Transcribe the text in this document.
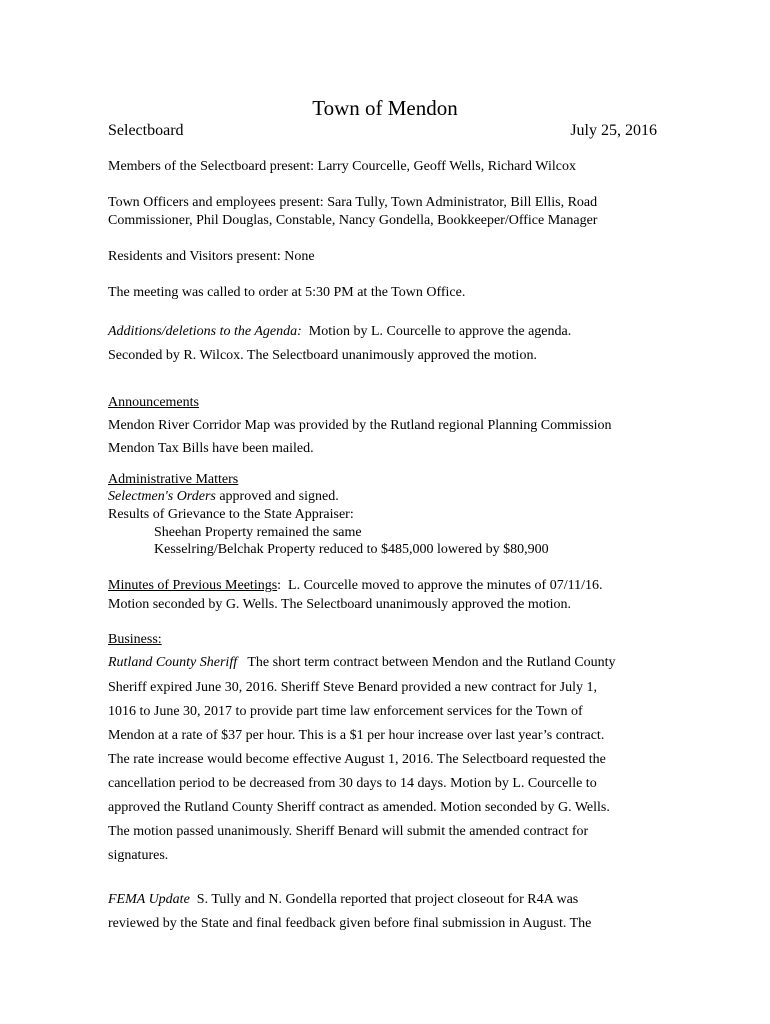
Town of Mendon
Selectboard	July 25, 2016
Members of the Selectboard present: Larry Courcelle, Geoff Wells, Richard Wilcox
Town Officers and employees present: Sara Tully, Town Administrator, Bill Ellis, Road
Commissioner, Phil Douglas, Constable, Nancy Gondella, Bookkeeper/Office Manager
Residents and Visitors present: None
The meeting was called to order at 5:30 PM at the Town Office.
Additions/deletions to the Agenda:  Motion by L. Courcelle to approve the agenda.
Seconded by R. Wilcox. The Selectboard unanimously approved the motion.
Announcements
Mendon River Corridor Map was provided by the Rutland regional Planning Commission
Mendon Tax Bills have been mailed.
Administrative Matters
Selectmen's Orders approved and signed.
Results of Grievance to the State Appraiser:
Sheehan Property remained the same
Kesselring/Belchak Property reduced to $485,000 lowered by $80,900
Minutes of Previous Meetings:  L. Courcelle moved to approve the minutes of 07/11/16.
Motion seconded by G. Wells. The Selectboard unanimously approved the motion.
Business:
Rutland County Sheriff   The short term contract between Mendon and the Rutland County
Sheriff expired June 30, 2016. Sheriff Steve Benard provided a new contract for July 1,
1016 to June 30, 2017 to provide part time law enforcement services for the Town of
Mendon at a rate of $37 per hour. This is a $1 per hour increase over last year’s contract.
The rate increase would become effective August 1, 2016. The Selectboard requested the
cancellation period to be decreased from 30 days to 14 days. Motion by L. Courcelle to
approved the Rutland County Sheriff contract as amended. Motion seconded by G. Wells.
The motion passed unanimously. Sheriff Benard will submit the amended contract for
signatures.
FEMA Update  S. Tully and N. Gondella reported that project closeout for R4A was
reviewed by the State and final feedback given before final submission in August. The
